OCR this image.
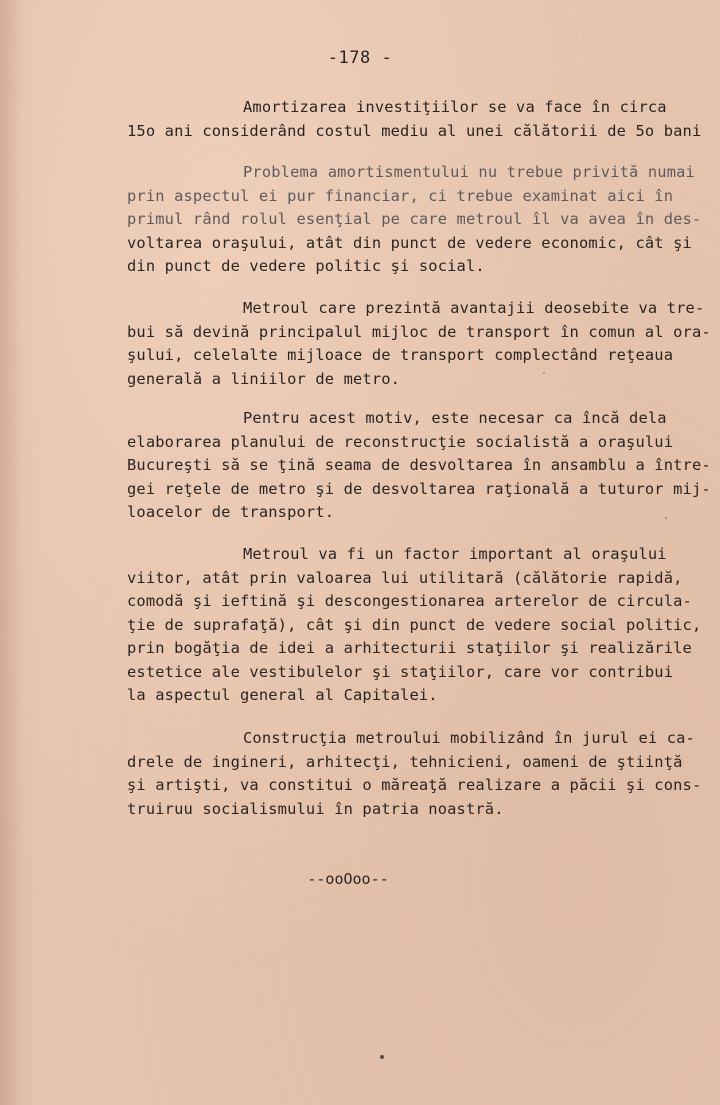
-178 -
Amortizarea investiţiilor se va face în circa
15o ani considerând costul mediu al unei călătorii de 5o bani
Problema amortismentului nu trebue privită numai
prin aspectul ei pur financiar, ci trebue examinat aici în
primul rând rolul esenţial pe care metroul îl va avea în des-
voltarea oraşului, atât din punct de vedere economic, cât şi
din punct de vedere politic şi social.
Metroul care prezintă avantajii deosebite va tre-
bui să devină principalul mijloc de transport în comun al ora-
şului, celelalte mijloace de transport complectând reţeaua
generală a liniilor de metro.
Pentru acest motiv, este necesar ca încă dela
elaborarea planului de reconstrucţie socialistă a oraşului
Bucureşti să se ţină seama de desvoltarea în ansamblu a între-
gei reţele de metro şi de desvoltarea raţională a tuturor mij-
loacelor de transport.
Metroul va fi un factor important al oraşului
viitor, atât prin valoarea lui utilitară (călătorie rapidă,
comodă şi ieftină şi descongestionarea arterelor de circula-
ţie de suprafaţă), cât şi din punct de vedere social politic,
prin bogăţia de idei a arhitecturii staţiilor şi realizările
estetice ale vestibulelor şi staţiilor, care vor contribui
la aspectul general al Capitalei.
Construcţia metroului mobilizând în jurul ei ca-
drele de ingineri, arhitecţi, tehnicieni, oameni de ştiinţă
şi artişti, va constitui o măreaţă realizare a păcii şi cons-
truiruu socialismului în patria noastră.
--ooOoo--
